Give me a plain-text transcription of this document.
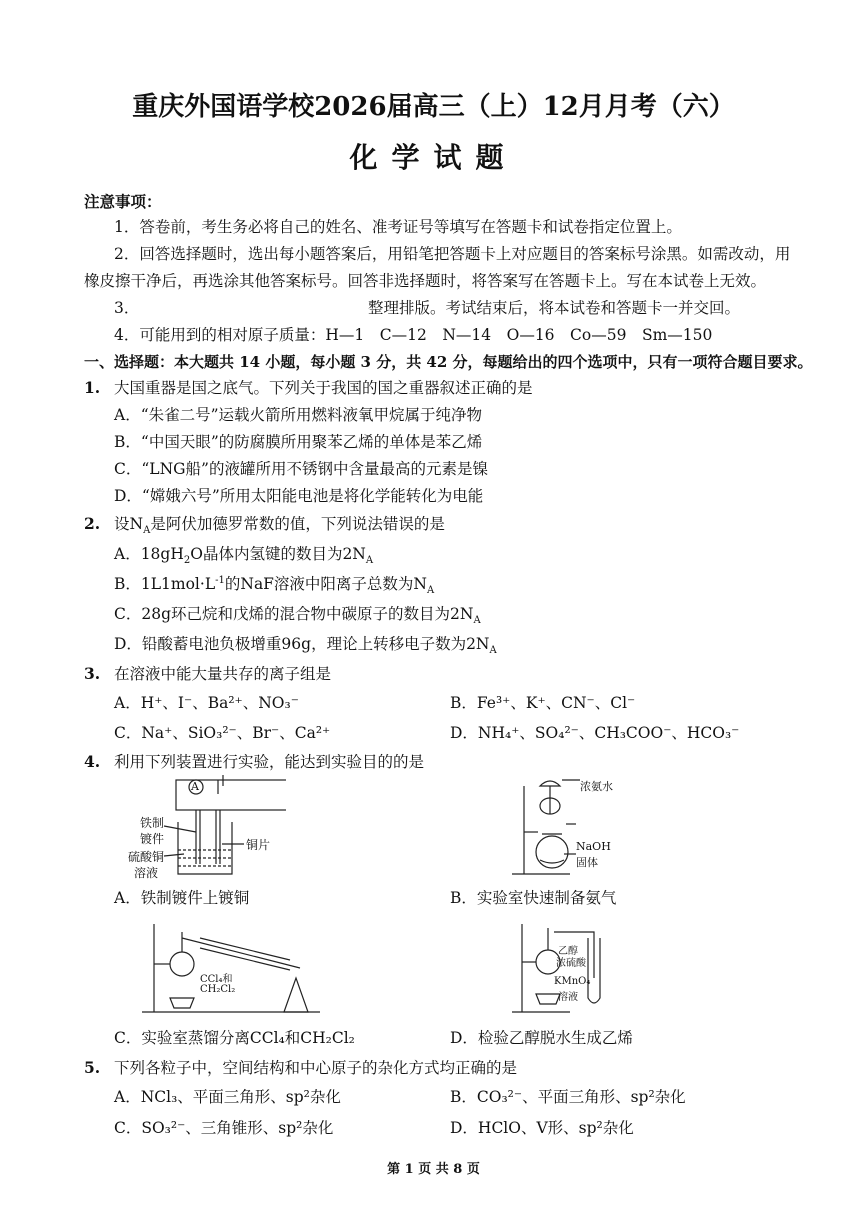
重庆外国语学校2026届高三（上）12月月考（六）
化学试题
注意事项：
1．答卷前，考生务必将自己的姓名、准考证号等填写在答题卡和试卷指定位置上。
2．回答选择题时，选出每小题答案后，用铅笔把答题卡上对应题目的答案标号涂黑。如需改动，用
橡皮擦干净后，再选涂其他答案标号。回答非选择题时，将答案写在答题卡上。写在本试卷上无效。
3．	整理排版。考试结束后，将本试卷和答题卡一并交回。
4．可能用到的相对原子质量：H—1　C—12　N—14　O—16　Co—59　Sm—150
一、选择题：本大题共 14 小题，每小题 3 分，共 42 分，每题给出的四个选项中，只有一项符合题目要求。
1. 大国重器是国之底气。下列关于我国的国之重器叙述正确的是
A．“朱雀二号”运载火箭所用燃料液氧甲烷属于纯净物
B．“中国天眼”的防腐膜所用聚苯乙烯的单体是苯乙烯
C．“LNG船”的液罐所用不锈钢中含量最高的元素是镍
D．“嫦娥六号”所用太阳能电池是将化学能转化为电能
2. 设$N_A$是阿伏加德罗常数的值，下列说法错误的是
A．$18gH_2O$晶体内氢键的数目为$2N_A$
B．$1L1mol\cdot L^{-1}$的NaF溶液中阳离子总数为$N_A$
C．28g环己烷和戊烯的混合物中碳原子的数目为$2N_A$
D．铅酸蓄电池负极增重96g，理论上转移电子数为$2N_A$
3. 在溶液中能大量共存的离子组是
A．H⁺、I⁻、Ba²⁺、NO₃⁻	B．Fe³⁺、K⁺、CN⁻、Cl⁻
C．Na⁺、SiO₃²⁻、Br⁻、Ca²⁺	D．NH₄⁺、SO₄²⁻、CH₃COO⁻、HCO₃⁻
4. 利用下列装置进行实验，能达到实验目的的是
A
铁制
镀件
硫酸铜
溶液
铜片
A．铁制镀件上镀铜
浓氨水
NaOH
固体
B．实验室快速制备氨气
CCl₄和
CH₂Cl₂
C．实验室蒸馏分离CCl₄和CH₂Cl₂
乙醇
浓硫酸
KMnO₄
溶液
D．检验乙醇脱水生成乙烯
5. 下列各粒子中，空间结构和中心原子的杂化方式均正确的是
A．NCl₃、平面三角形、sp²杂化	B．CO₃²⁻、平面三角形、sp²杂化
C．SO₃²⁻、三角锥形、sp²杂化	D．HClO、V形、sp²杂化
第 1 页 共 8 页
